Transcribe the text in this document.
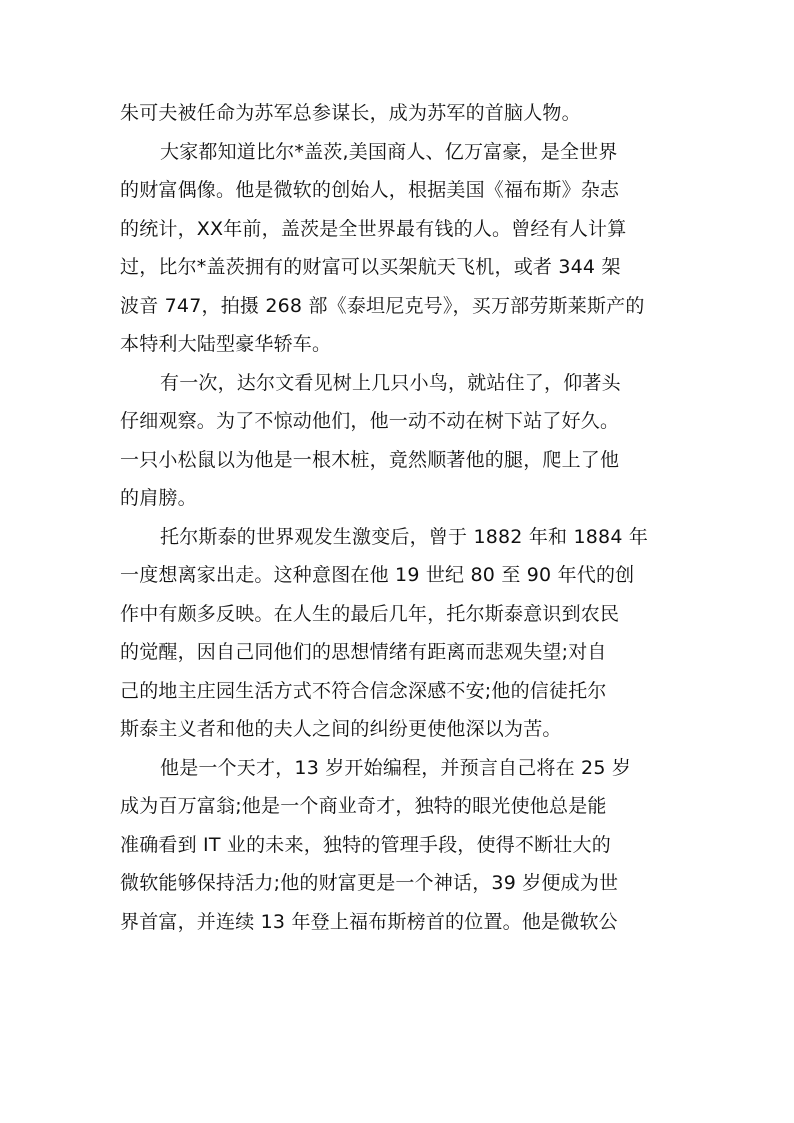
朱可夫被任命为苏军总参谋长，成为苏军的首脑人物。
大家都知道比尔*盖茨,美国商人、亿万富豪，是全世界
的财富偶像。他是微软的创始人，根据美国《福布斯》杂志
的统计，XX年前，盖茨是全世界最有钱的人。曾经有人计算
过，比尔*盖茨拥有的财富可以买架航天飞机，或者 344 架
波音 747，拍摄 268 部《泰坦尼克号》，买万部劳斯莱斯产的
本特利大陆型豪华轿车。
有一次，达尔文看见树上几只小鸟，就站住了，仰著头
仔细观察。为了不惊动他们，他一动不动在树下站了好久。
一只小松鼠以为他是一根木桩，竟然顺著他的腿，爬上了他
的肩膀。
托尔斯泰的世界观发生激变后，曾于 1882 年和 1884 年
一度想离家出走。这种意图在他 19 世纪 80 至 90 年代的创
作中有颇多反映。在人生的最后几年，托尔斯泰意识到农民
的觉醒，因自己同他们的思想情绪有距离而悲观失望;对自
己的地主庄园生活方式不符合信念深感不安;他的信徒托尔
斯泰主义者和他的夫人之间的纠纷更使他深以为苦。
他是一个天才，13 岁开始编程，并预言自己将在 25 岁
成为百万富翁;他是一个商业奇才，独特的眼光使他总是能
准确看到 IT 业的未来，独特的管理手段，使得不断壮大的
微软能够保持活力;他的财富更是一个神话，39 岁便成为世
界首富，并连续 13 年登上福布斯榜首的位置。他是微软公
